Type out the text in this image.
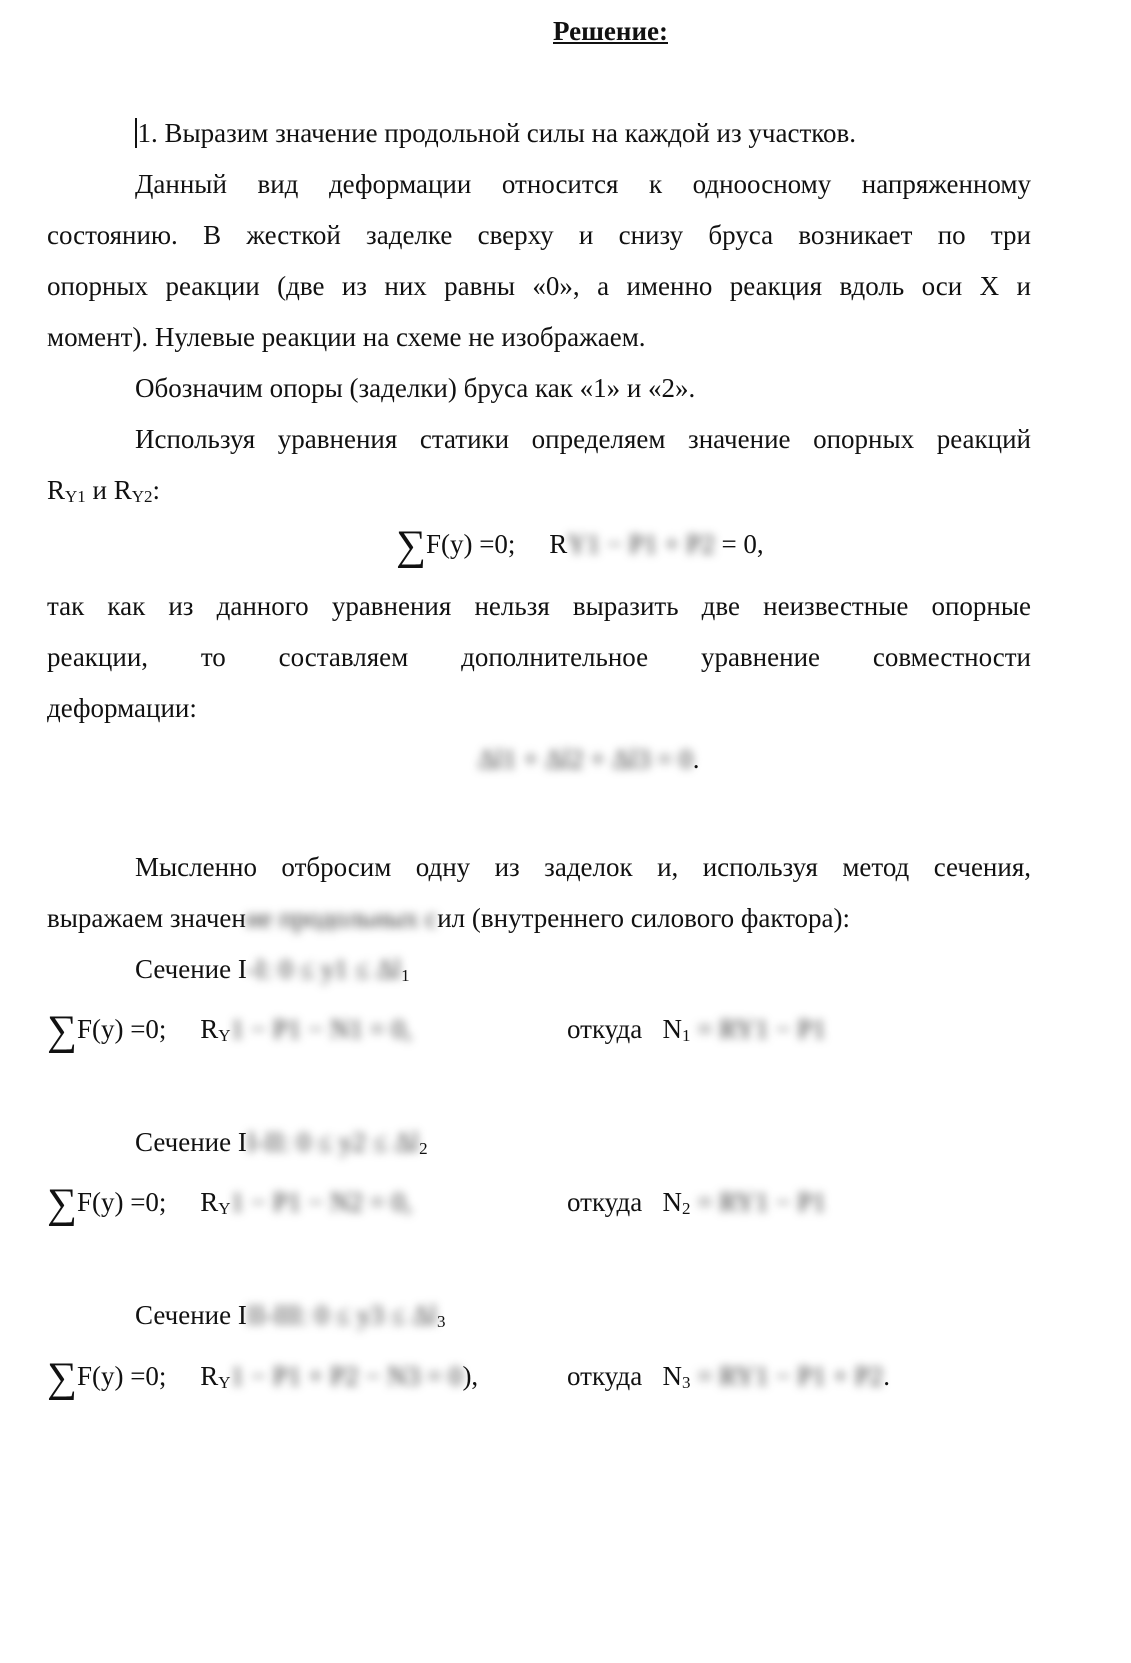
Решение:
1. Выразим значение продольной силы на каждой из участков.
Данный вид деформации относится к одноосному напряженному
состоянию. В жесткой заделке сверху и снизу бруса возникает по три
опорных реакции (две из них равны «0», а именно реакция вдоль оси X и
момент). Нулевые реакции на схеме не изображаем.
Обозначим опоры (заделки) бруса как «1» и «2».
Используя уравнения статики определяем значение опорных реакций
RY1 и RY2:
∑F(y) =0; RY1 − P1 + P2 = 0,
так как из данного уравнения нельзя выразить две неизвестные опорные
реакции, то составляем дополнительное уравнение совместности
деформации:
Δl1 + Δl2 + Δl3 = 0.
Мысленно отбросим одну из заделок и, используя метод сечения,
выражаем значение продольных сил (внутреннего силового фактора):
Сечение I-I: 0 ≤ y1 ≤ Δl1
∑F(y) =0; RY1 − P1 − N1 = 0,	откуда N1 = RY1 − P1
Сечение II-II: 0 ≤ y2 ≤ Δl2
∑F(y) =0; RY1 − P1 − N2 = 0,	откуда N2 = RY1 − P1
Сечение III-III: 0 ≤ y3 ≤ Δl3
∑F(y) =0; RY1 − P1 + P2 − N3 = 0),	откуда N3 = RY1 − P1 + P2.
